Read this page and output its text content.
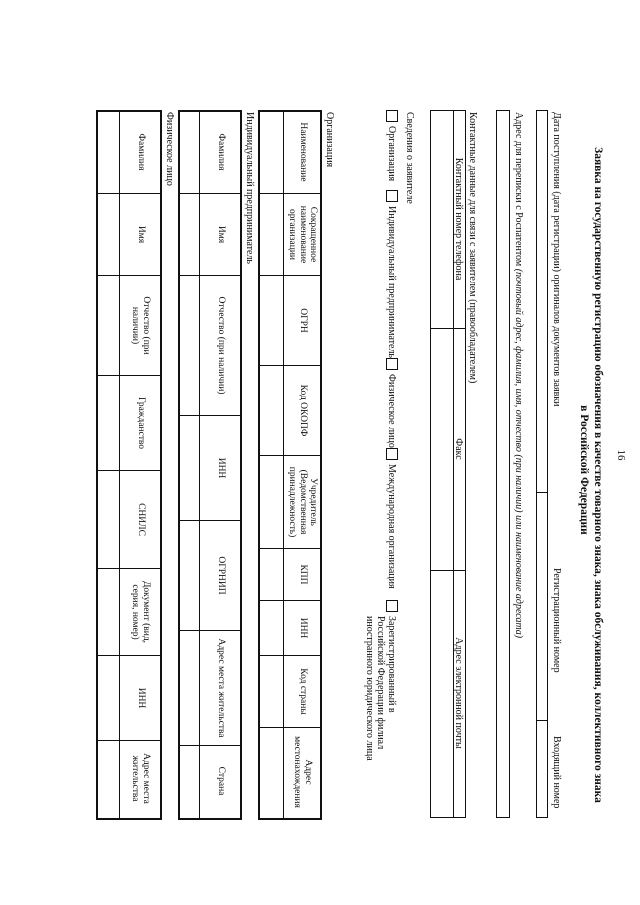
16
Заявка на государственную регистрацию обозначения в качестве товарного знака, знака обслуживания, коллективного знака
в Российской Федерации
Дата поступления (дата регистрации) оригиналов документов заявки
Регистрационный номер
Входящий номер
Адрес для переписки с Роспатентом (почтовый адрес, фамилия, имя, отчество (при наличии) или наименование адресата)
Контактные данные для связи с заявителем (правообладателем)
Контактный номер телефона
Факс
Адрес электронной почты
Сведения о заявителе
Организация
Индивидуальный предприниматель
Физическое лицо
Международная организация
Зарегистрированный в Российской Федерации филиал иностранного юридического лица
Организация
Наименование
Сокращенное наименование организации
ОГРН
Код ОКОПФ
Учредитель (Ведомственная принадлежность)
КПП
ИНН
Код страны
Адрес местонахождения
Индивидуальный предприниматель
Фамилия
Имя
Отчество (при наличии)
ИНН
ОГРНИП
Адрес места жительства
Страна
Физическое лицо
Фамилия
Имя
Отчество (при наличии)
Гражданство
СНИЛС
Документ (вид, серия, номер)
ИНН
Адрес места жительства
